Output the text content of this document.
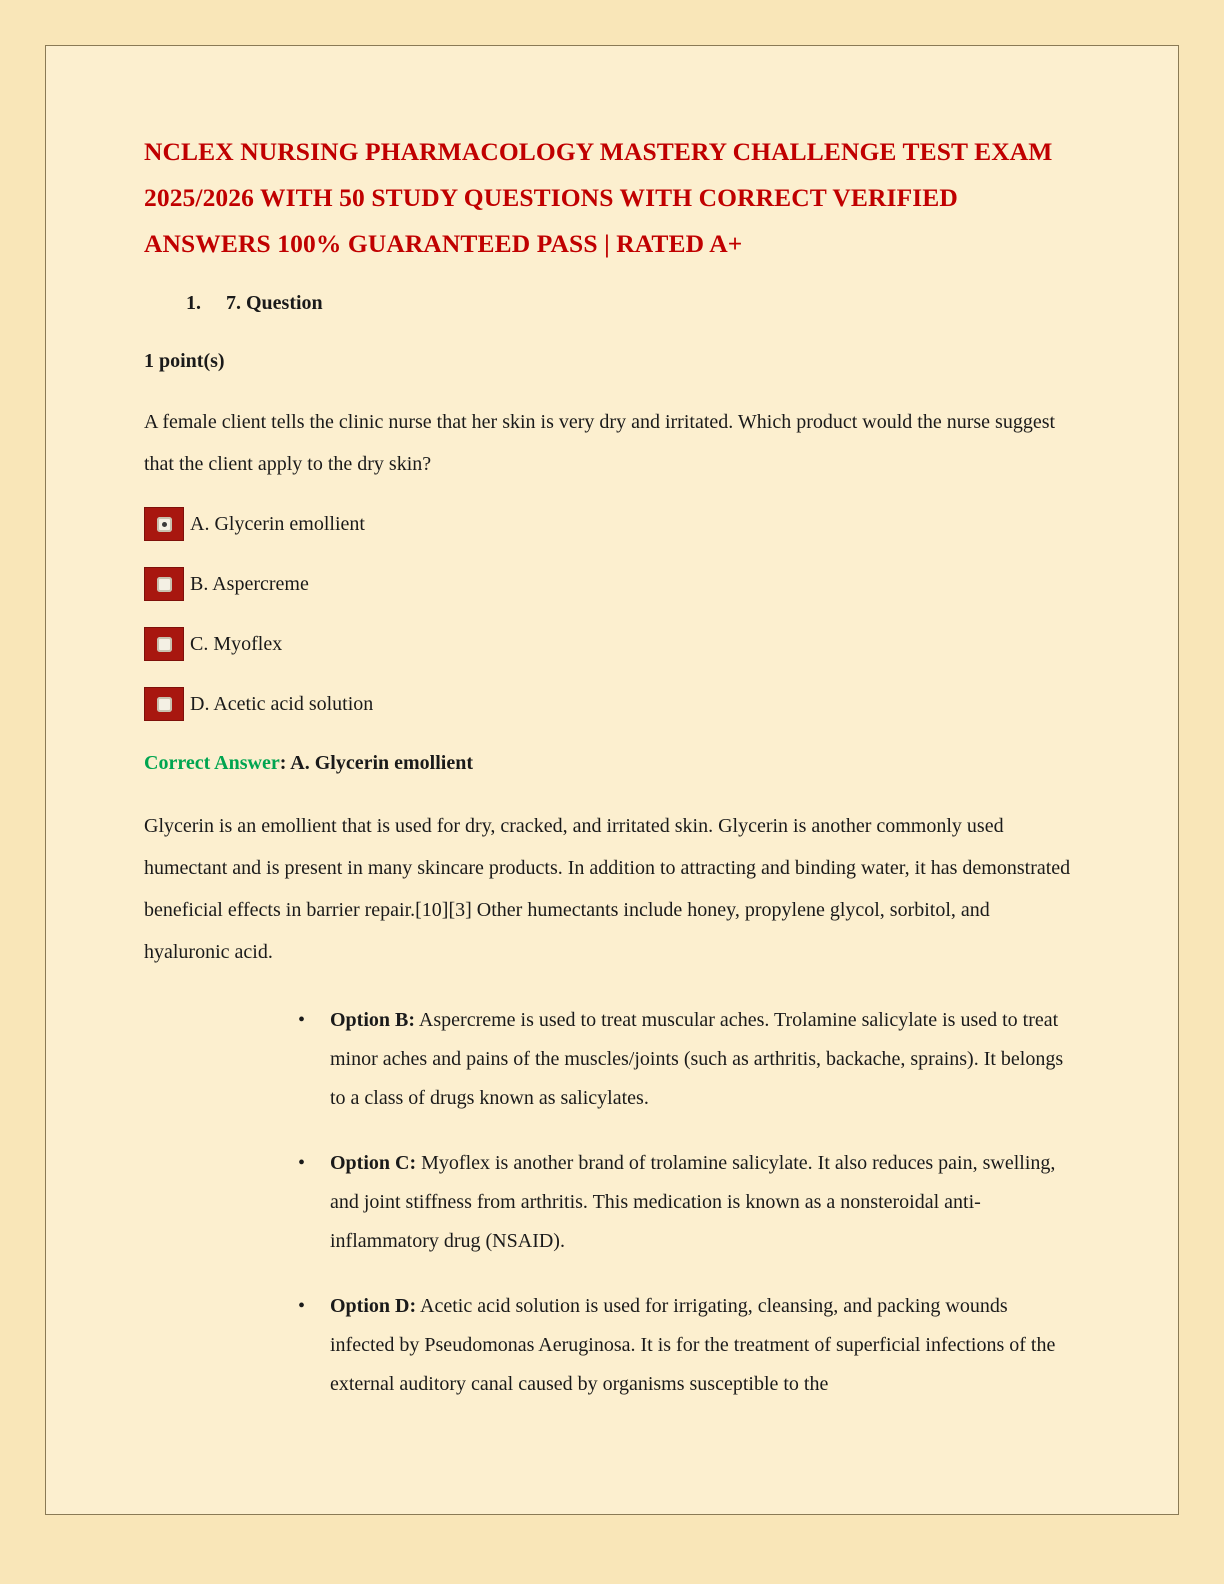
NCLEX NURSING PHARMACOLOGY MASTERY CHALLENGE TEST EXAM 2025/2026 WITH 50 STUDY QUESTIONS WITH CORRECT VERIFIED ANSWERS 100% GUARANTEED PASS | RATED A+
1. 7. Question
1 point(s)
A female client tells the clinic nurse that her skin is very dry and irritated. Which product would the nurse suggest that the client apply to the dry skin?
A. Glycerin emollient
B. Aspercreme
C. Myoflex
D. Acetic acid solution
Correct Answer: A. Glycerin emollient
Glycerin is an emollient that is used for dry, cracked, and irritated skin. Glycerin is another commonly used humectant and is present in many skincare products. In addition to attracting and binding water, it has demonstrated beneficial effects in barrier repair.[10][3] Other humectants include honey, propylene glycol, sorbitol, and hyaluronic acid.
• Option B: Aspercreme is used to treat muscular aches. Trolamine salicylate is used to treat minor aches and pains of the muscles/joints (such as arthritis, backache, sprains). It belongs to a class of drugs known as salicylates.
• Option C: Myoflex is another brand of trolamine salicylate. It also reduces pain, swelling, and joint stiffness from arthritis. This medication is known as a nonsteroidal anti-inflammatory drug (NSAID).
• Option D: Acetic acid solution is used for irrigating, cleansing, and packing wounds infected by Pseudomonas Aeruginosa. It is for the treatment of superficial infections of the external auditory canal caused by organisms susceptible to the
